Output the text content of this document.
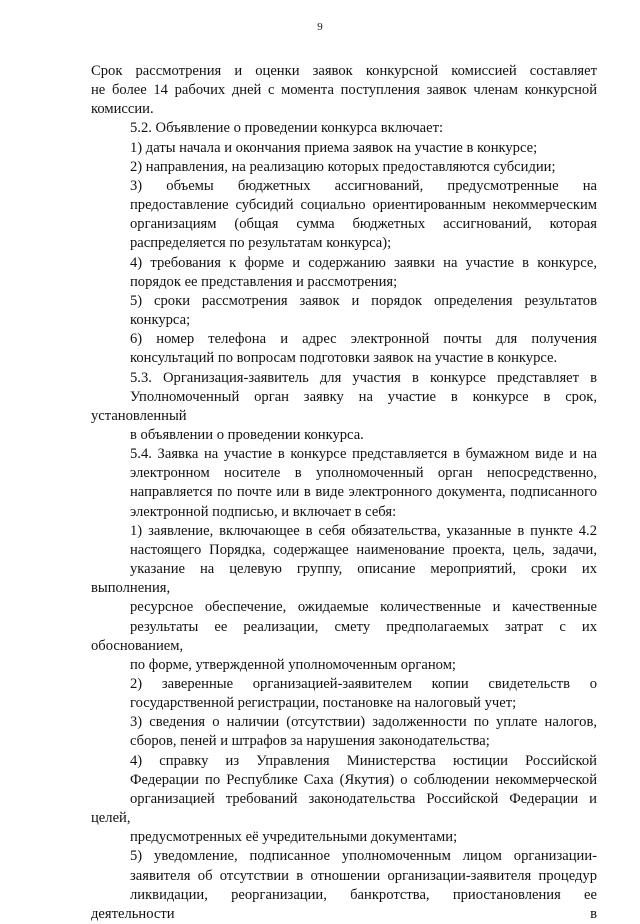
9
Срок рассмотрения и оценки заявок конкурсной комиссией составляет
не более 14 рабочих дней с момента поступления заявок членам конкурсной
комиссии.
5.2. Объявление о проведении конкурса включает:
1) даты начала и окончания приема заявок на участие в конкурсе;
2) направления, на реализацию которых предоставляются субсидии;
3) объемы бюджетных ассигнований, предусмотренные на
предоставление субсидий социально ориентированным некоммерческим
организациям (общая сумма бюджетных ассигнований, которая
распределяется по результатам конкурса);
4) требования к форме и содержанию заявки на участие в конкурсе,
порядок ее представления и рассмотрения;
5) сроки рассмотрения заявок и порядок определения результатов
конкурса;
6) номер телефона и адрес электронной почты для получения
консультаций по вопросам подготовки заявок на участие в конкурсе.
5.3. Организация-заявитель для участия в конкурсе представляет в
Уполномоченный орган заявку на участие в конкурсе в срок, установленный
в объявлении о проведении конкурса.
5.4. Заявка на участие в конкурсе представляется в бумажном виде и на
электронном носителе в уполномоченный орган непосредственно,
направляется по почте или в виде электронного документа, подписанного
электронной подписью, и включает в себя:
1) заявление, включающее в себя обязательства, указанные в пункте 4.2
настоящего Порядка, содержащее наименование проекта, цель, задачи,
указание на целевую группу, описание мероприятий, сроки их выполнения,
ресурсное обеспечение, ожидаемые количественные и качественные
результаты ее реализации, смету предполагаемых затрат с их обоснованием,
по форме, утвержденной уполномоченным органом;
2) заверенные организацией-заявителем копии свидетельств о
государственной регистрации, постановке на налоговый учет;
3) сведения о наличии (отсутствии) задолженности по уплате налогов,
сборов, пеней и штрафов за нарушения законодательства;
4) справку из Управления Министерства юстиции Российской
Федерации по Республике Саха (Якутия) о соблюдении некоммерческой
организацией требований законодательства Российской Федерации и целей,
предусмотренных её учредительными документами;
5) уведомление, подписанное уполномоченным лицом организации-
заявителя об отсутствии в отношении организации-заявителя процедур
ликвидации, реорганизации, банкротства, приостановления ее деятельности в
